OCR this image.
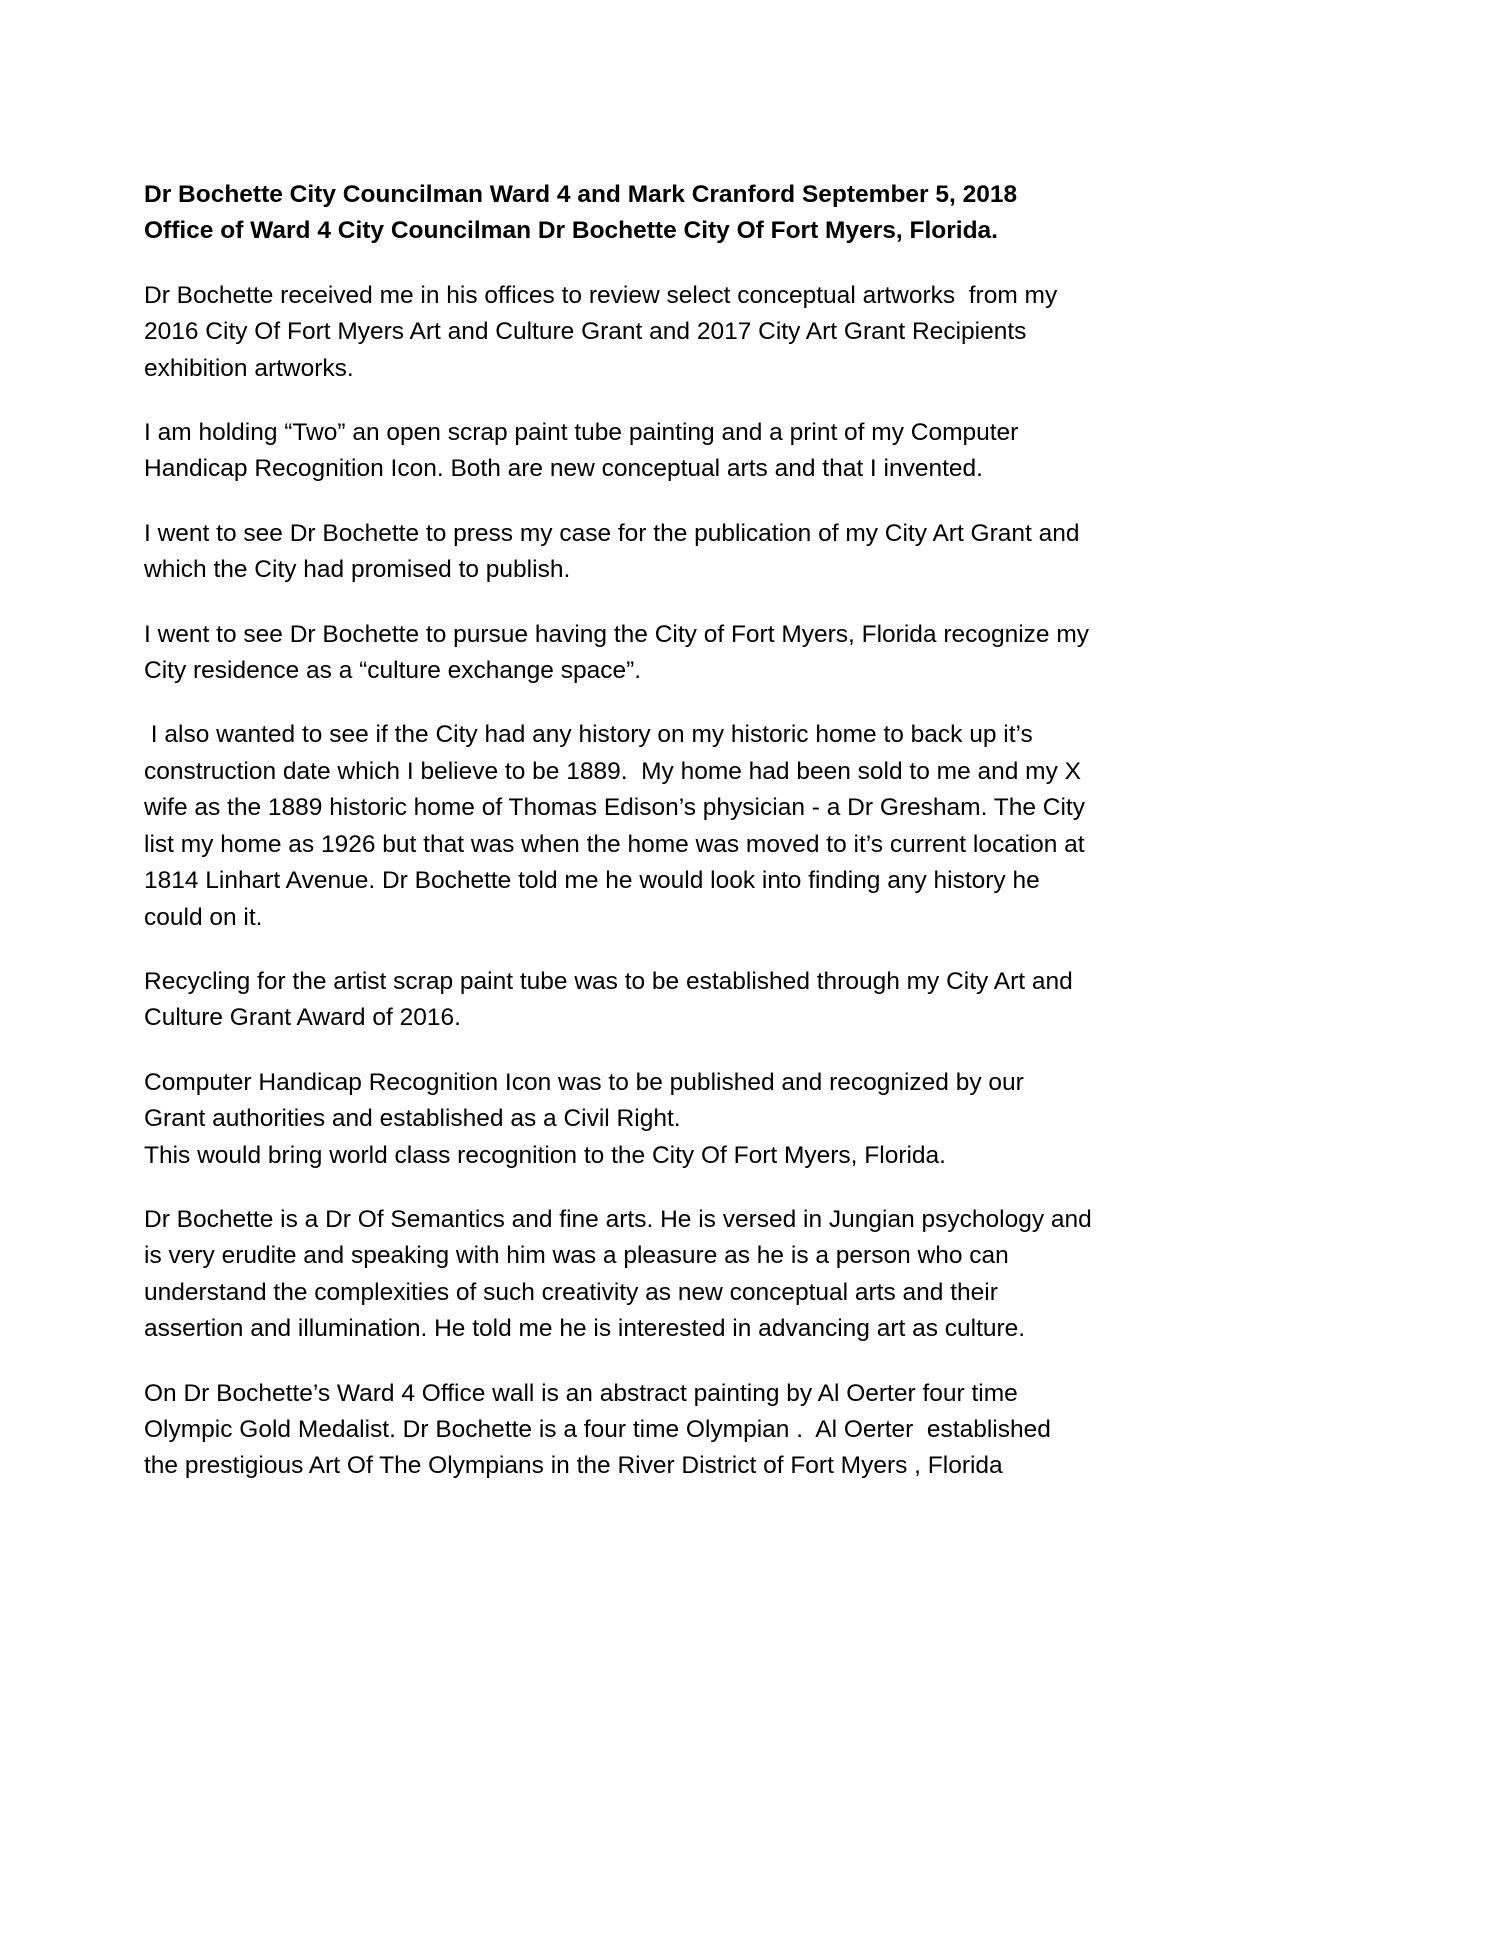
Dr Bochette City Councilman Ward 4 and Mark Cranford September 5, 2018
Office of Ward 4 City Councilman Dr Bochette City Of Fort Myers, Florida.
Dr Bochette received me in his offices to review select conceptual artworks  from my
2016 City Of Fort Myers Art and Culture Grant and 2017 City Art Grant Recipients
exhibition artworks.
I am holding “Two” an open scrap paint tube painting and a print of my Computer
Handicap Recognition Icon. Both are new conceptual arts and that I invented.
I went to see Dr Bochette to press my case for the publication of my City Art Grant and
which the City had promised to publish.
I went to see Dr Bochette to pursue having the City of Fort Myers, Florida recognize my
City residence as a “culture exchange space”.
I also wanted to see if the City had any history on my historic home to back up it’s
construction date which I believe to be 1889.  My home had been sold to me and my X
wife as the 1889 historic home of Thomas Edison’s physician - a Dr Gresham. The City
list my home as 1926 but that was when the home was moved to it’s current location at
1814 Linhart Avenue. Dr Bochette told me he would look into finding any history he
could on it.
Recycling for the artist scrap paint tube was to be established through my City Art and
Culture Grant Award of 2016.
Computer Handicap Recognition Icon was to be published and recognized by our
Grant authorities and established as a Civil Right.
This would bring world class recognition to the City Of Fort Myers, Florida.
Dr Bochette is a Dr Of Semantics and fine arts. He is versed in Jungian psychology and
is very erudite and speaking with him was a pleasure as he is a person who can
understand the complexities of such creativity as new conceptual arts and their
assertion and illumination. He told me he is interested in advancing art as culture.
On Dr Bochette’s Ward 4 Office wall is an abstract painting by Al Oerter four time
Olympic Gold Medalist. Dr Bochette is a four time Olympian .  Al Oerter  established
the prestigious Art Of The Olympians in the River District of Fort Myers , Florida
